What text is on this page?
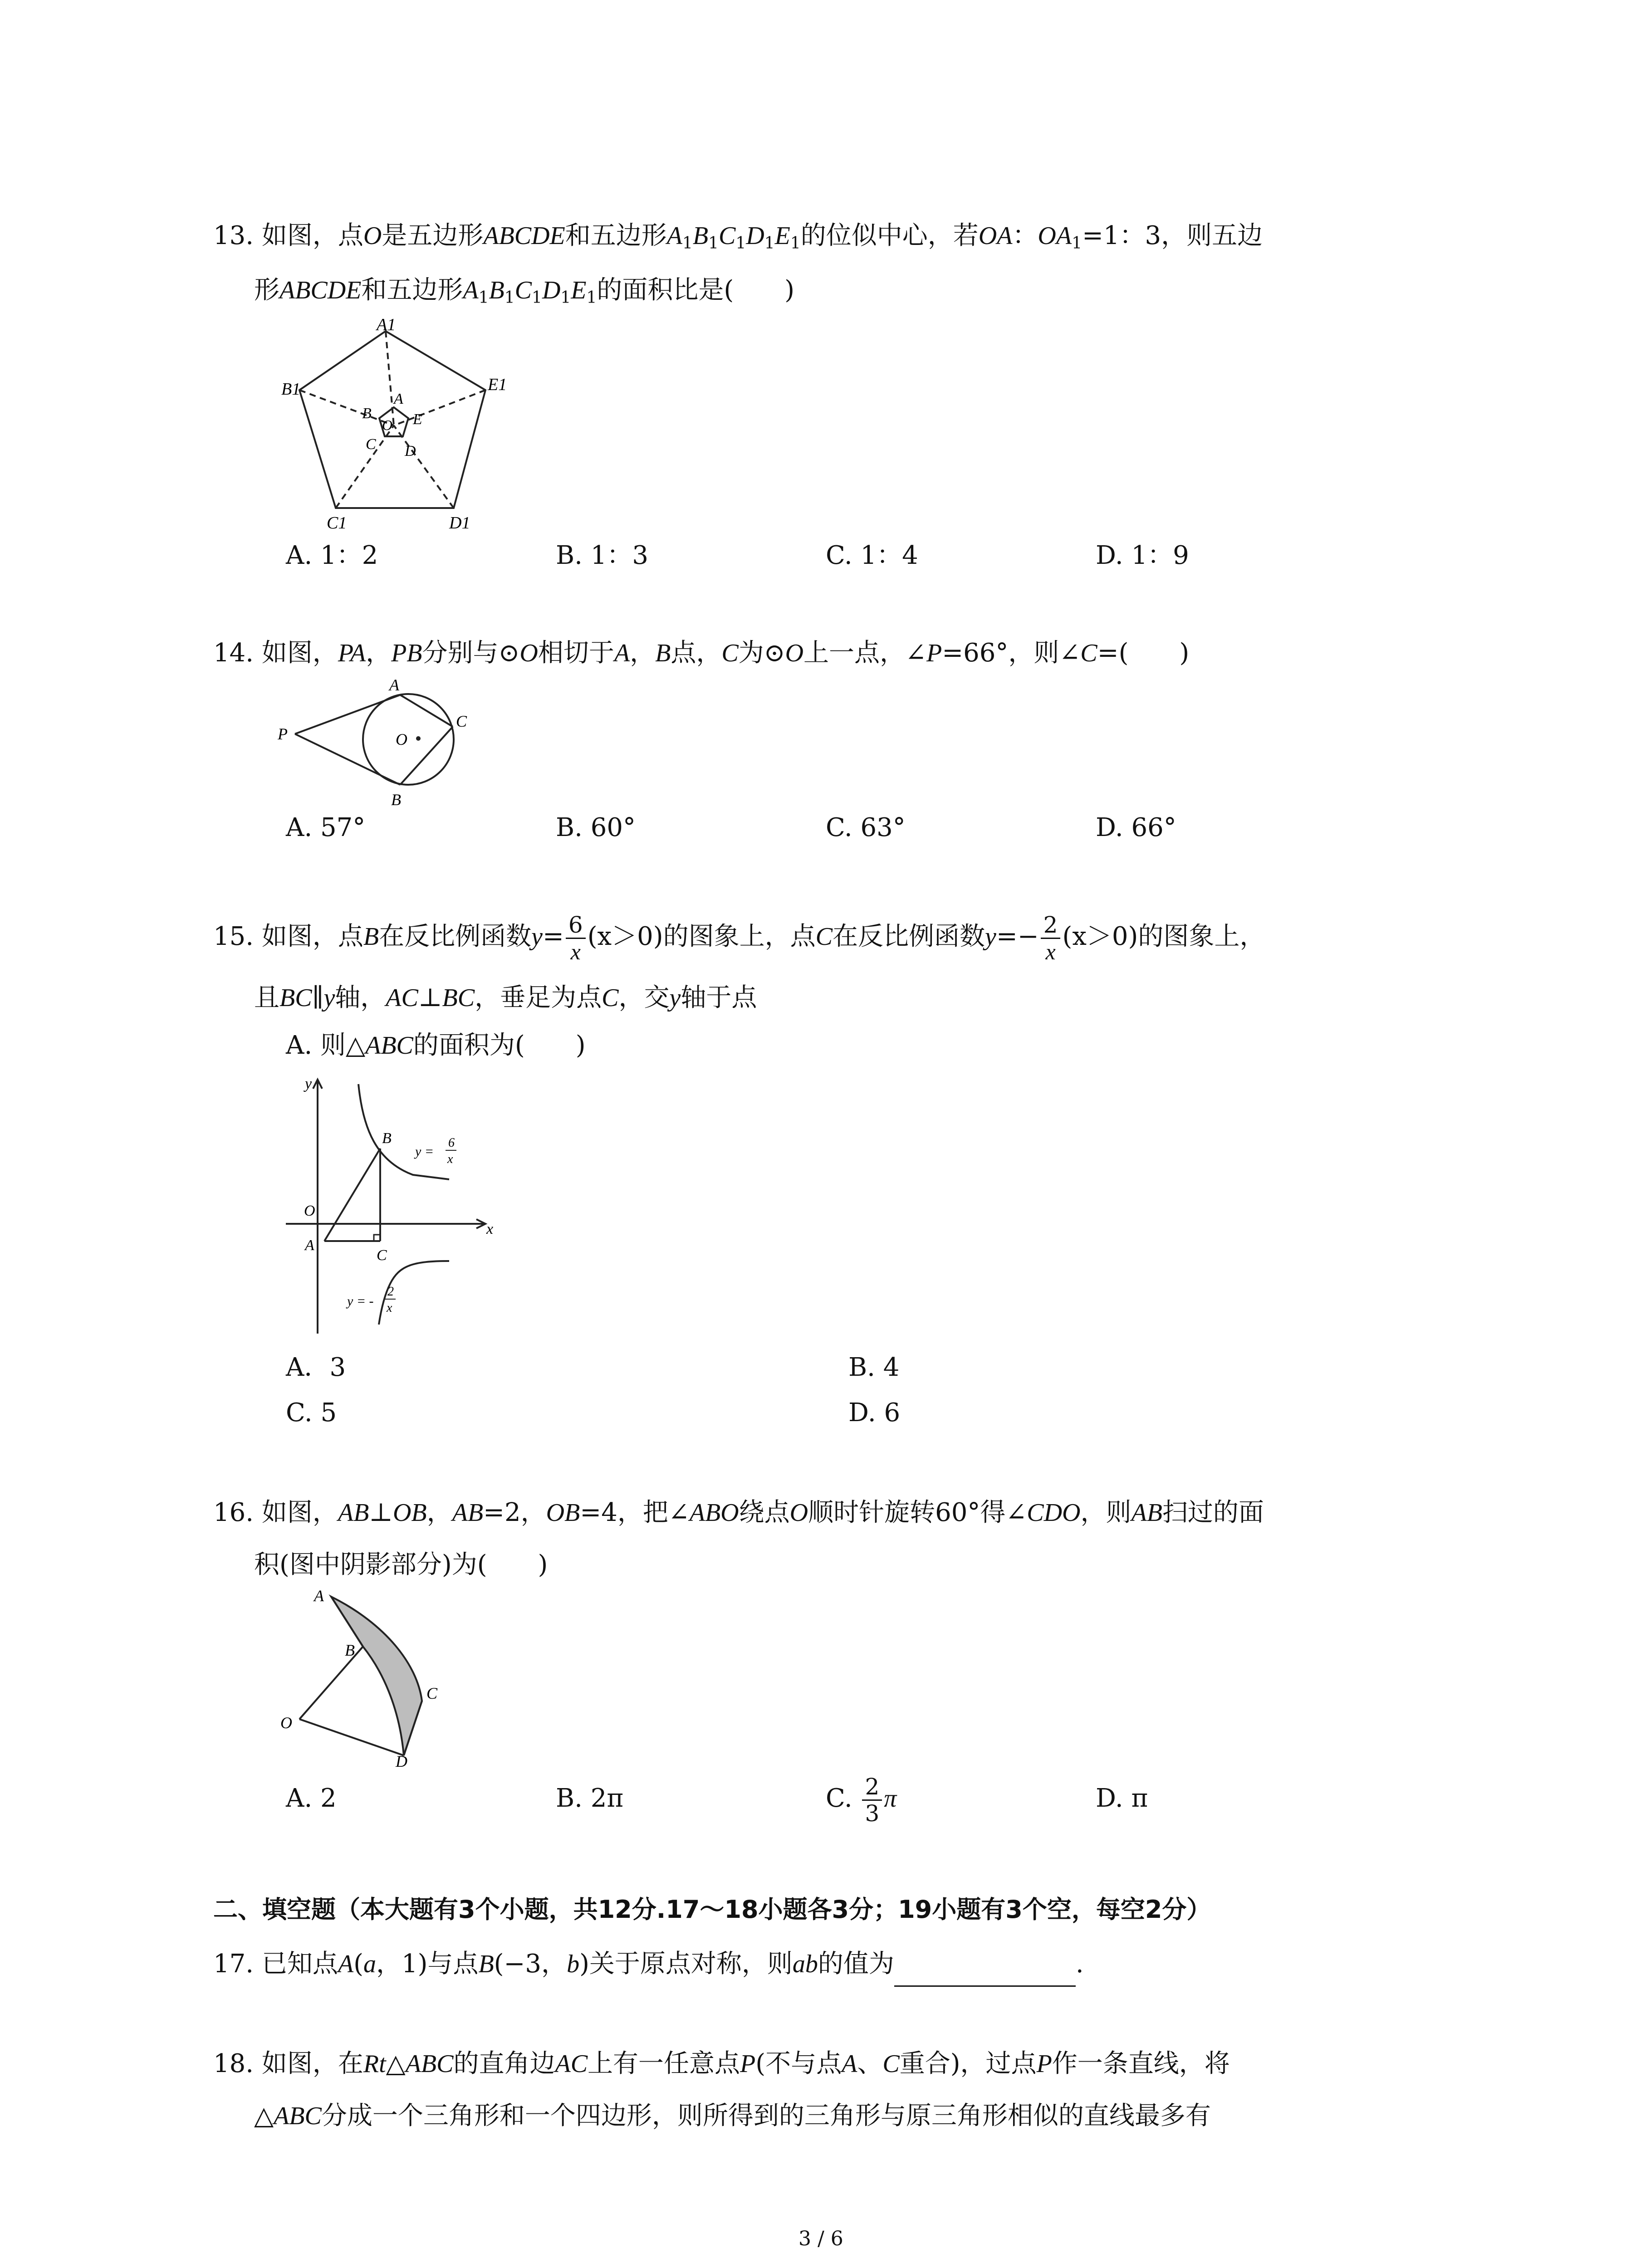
13. 如图，点O是五边形ABCDE和五边形$A_1B_1C_1D_1E_1$的位似中心，若OA：$OA_1=1$：3，则五边
形ABCDE和五边形$A_1B_1C_1D_1E_1$的面积比是(　　)
A1
B1
C1	D1
E1
A
B
C D
E
O
A. 1：2	B. 1：3	C. 1：4	D. 1：9
14. 如图，PA，PB分别与⊙O相切于A，B点，C为⊙O上一点，∠P=66°，则∠C=(　　)
A
P	O
C
B
A. 57°	B. 60°	C. 63°	D. 66°
15. 如图，点B在反比例函数$y= \frac{6}{x} (x>0)$的图象上，点C在反比例函数$y=- \frac{2}{x} (x>0)$的图象上，
且BC∥y轴，AC⊥BC，垂足为点C，交y轴于点
A. 则△ABC的面积为(　　)
y
B
O
A
C
x
y =
6
x
y = -
2
x
A．3	B. 4
C. 5	D. 6
16. 如图，AB⊥OB，AB=2，OB=4，把∠ABO绕点O顺时针旋转60°得∠CDO，则AB扫过的面
积(图中阴影部分)为(　　)
A
B
C
O
D
A. 2	B. 2π	C. $\frac{2}{3}$ π	D. π
二、填空题（本大题有3个小题，共12分.17～18小题各3分；19小题有3个空，每空2分）
17. 已知点A(a，1)与点B(−3，b)关于原点对称，则ab的值为	.
18. 如图，在Rt△ABC的直角边AC上有一任意点P(不与点A、C重合)，过点P作一条直线，将
△ABC分成一个三角形和一个四边形，则所得到的三角形与原三角形相似的直线最多有
3 / 6
